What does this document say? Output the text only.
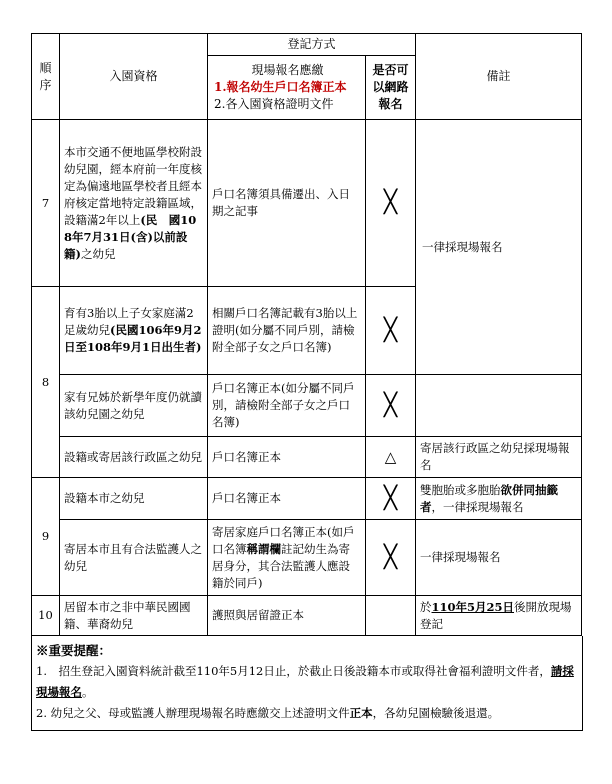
順序	入園資格	登記方式		備註

		現場報名應繳
1.報名幼生戶口名簿正本
2.各入園資格證明文件	是否可以網路報名	
7	本市交通不便地區學校附設幼兒園，經本府前一年度核定為偏遠地區學校者且經本府核定當地特定設籍區域，設籍滿2年以上(民　國108年7月31日(含)以前設籍)之幼兒	戶口名簿須具備遷出、入日期之記事	╳	一律採現場報名
8	育有3胎以上子女家庭滿2足歲幼兒(民國106年9月2日至108年9月1日出生者)	相關戶口名簿記載有3胎以上證明(如分屬不同戶別，請檢附全部子女之戶口名簿)	╳	
	家有兄姊於新學年度仍就讀該幼兒園之幼兒	戶口名簿正本(如分屬不同戶別，請檢附全部子女之戶口名簿)	╳	
	設籍或寄居該行政區之幼兒	戶口名簿正本	△	寄居該行政區之幼兒採現場報名
9	設籍本市之幼兒	戶口名簿正本	╳	雙胞胎或多胞胎欲併同抽籤者，一律採現場報名
	寄居本市且有合法監護人之幼兒	寄居家庭戶口名簿正本(如戶口名簿稱謂欄註記幼生為寄居身分，其合法監護人應設籍於同戶)	╳	一律採現場報名
10	居留本市之非中華民國國籍、華裔幼兒	護照與居留證正本		於110年5月25日後開放現場登記

※重要提醒：

1.　招生登記入園資料統計截至110年5月12日止，於截止日後設籍本市或取得社會福利證明文件者，請採現場報名。

2. 幼兒之父、母或監護人辦理現場報名時應繳交上述證明文件正本，各幼兒園檢驗後退還。
